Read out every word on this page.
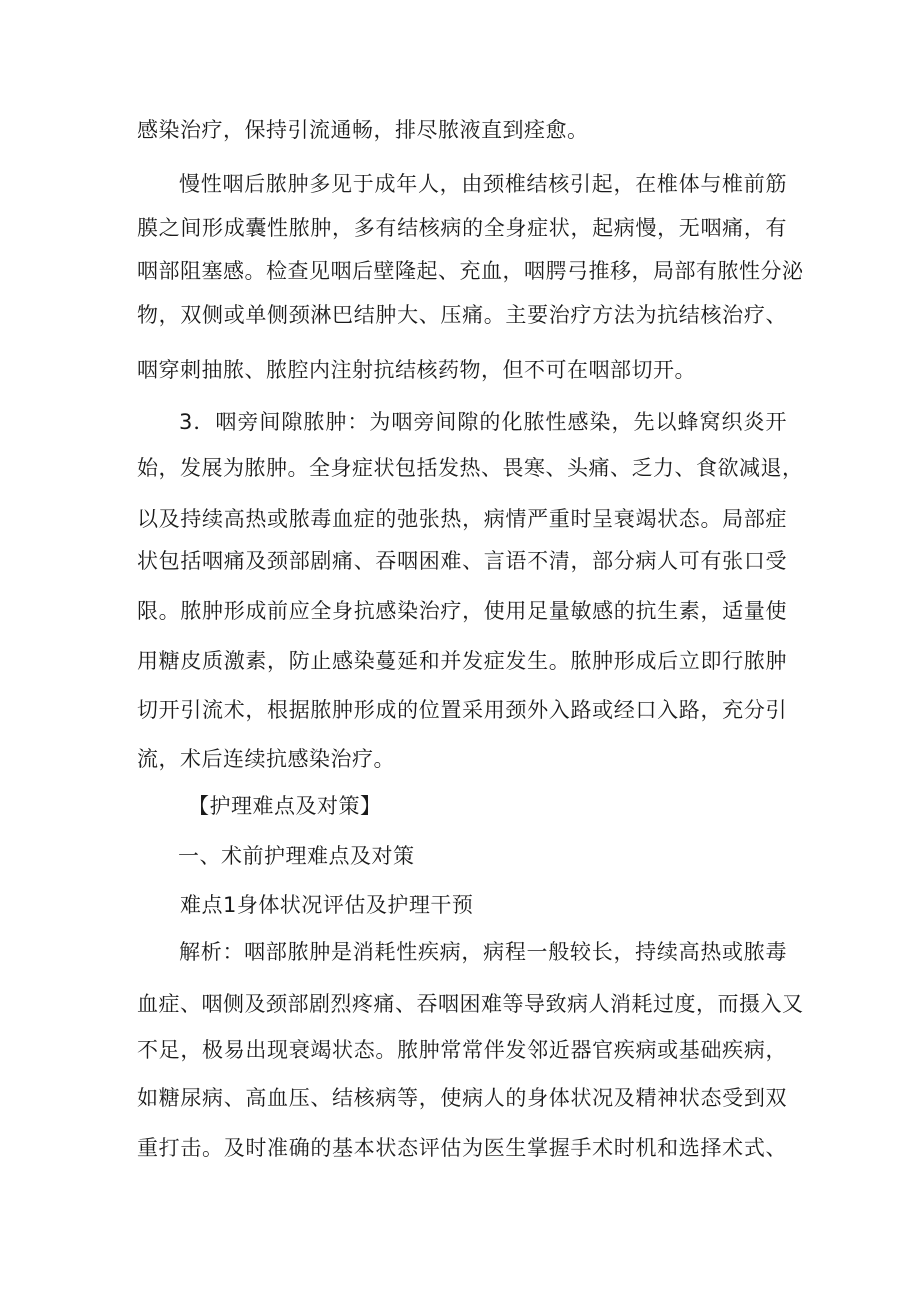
感染治疗，保持引流通畅，排尽脓液直到痊愈。
慢性咽后脓肿多见于成年人，由颈椎结核引起，在椎体与椎前筋
膜之间形成囊性脓肿，多有结核病的全身症状，起病慢，无咽痛，有
咽部阻塞感。检查见咽后壁隆起、充血，咽腭弓推移，局部有脓性分泌
物，双侧或单侧颈淋巴结肿大、压痛。主要治疗方法为抗结核治疗、
咽穿刺抽脓、脓腔内注射抗结核药物，但不可在咽部切开。
3．咽旁间隙脓肿：为咽旁间隙的化脓性感染，先以蜂窝织炎开
始，发展为脓肿。全身症状包括发热、畏寒、头痛、乏力、食欲减退，
以及持续高热或脓毒血症的弛张热，病情严重时呈衰竭状态。局部症
状包括咽痛及颈部剧痛、吞咽困难、言语不清，部分病人可有张口受
限。脓肿形成前应全身抗感染治疗，使用足量敏感的抗生素，适量使
用糖皮质激素，防止感染蔓延和并发症发生。脓肿形成后立即行脓肿
切开引流术，根据脓肿形成的位置采用颈外入路或经口入路，充分引
流，术后连续抗感染治疗。
【护理难点及对策】
一、术前护理难点及对策
难点1身体状况评估及护理干预
解析：咽部脓肿是消耗性疾病，病程一般较长，持续高热或脓毒
血症、咽侧及颈部剧烈疼痛、吞咽困难等导致病人消耗过度，而摄入又
不足，极易出现衰竭状态。脓肿常常伴发邻近器官疾病或基础疾病，
如糖尿病、高血压、结核病等，使病人的身体状况及精神状态受到双
重打击。及时准确的基本状态评估为医生掌握手术时机和选择术式、
